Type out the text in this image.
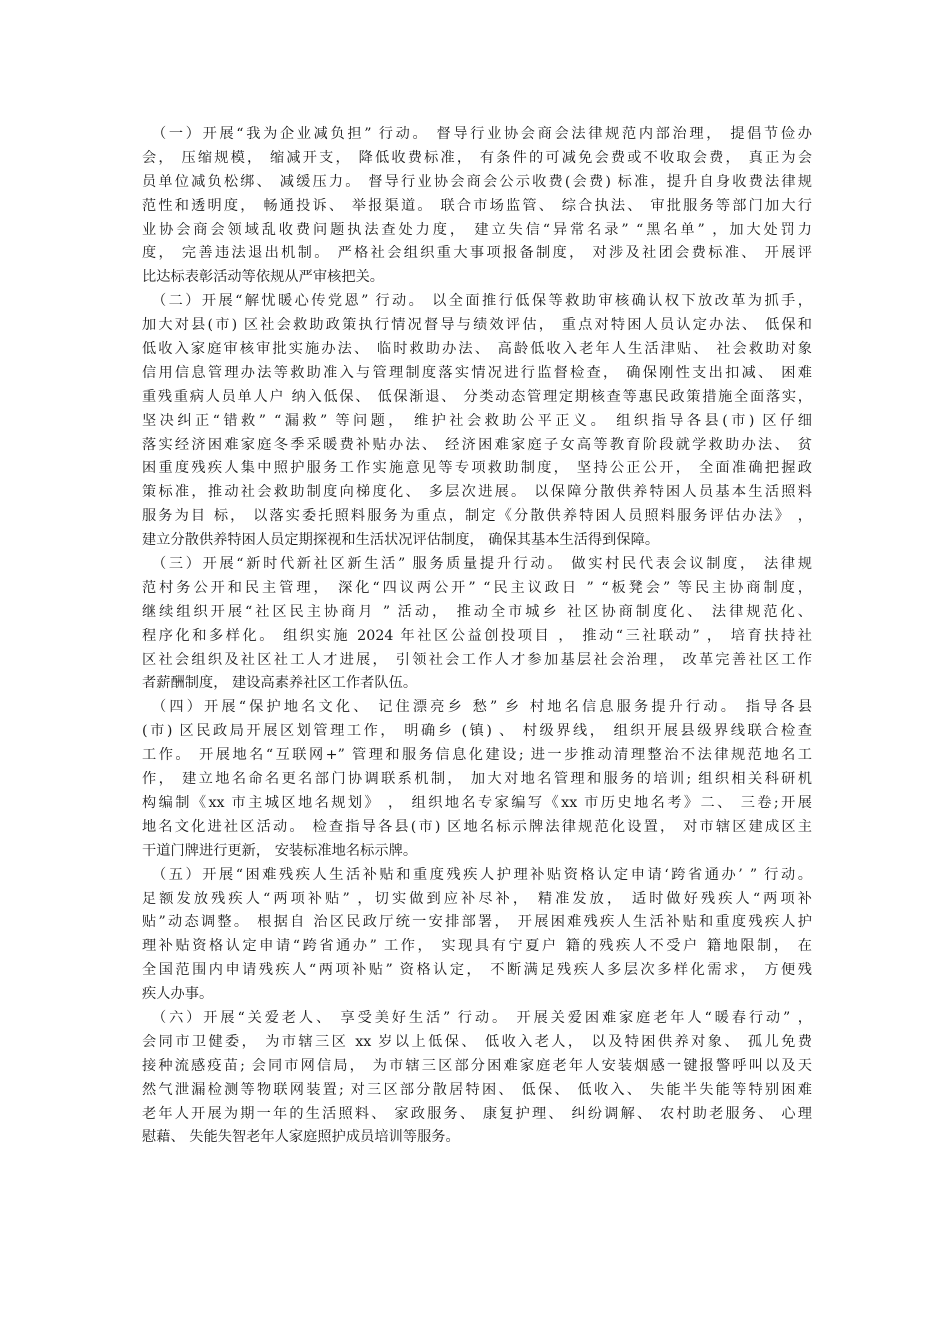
（一）开展“我为企业减负担” 行动。 督导行业协会商会法律规范内部治理， 提倡节俭办
会， 压缩规模， 缩减开支， 降低收费标准， 有条件的可减免会费或不收取会费， 真正为会
员单位减负松绑、 减缓压力。 督导行业协会商会公示收费(会费) 标准，提升自身收费法律规
范性和透明度， 畅通投诉、 举报渠道。 联合市场监管、 综合执法、 审批服务等部门加大行
业协会商会领域乱收费问题执法查处力度， 建立失信“异常名录” “黑名单” ，加大处罚力
度， 完善违法退出机制。 严格社会组织重大事项报备制度， 对涉及社团会费标准、 开展评
比达标表彰活动等依规从严审核把关。
（二）开展“解忧暖心传党恩” 行动。 以全面推行低保等救助审核确认权下放改革为抓手，
加大对县(市) 区社会救助政策执行情况督导与绩效评估， 重点对特困人员认定办法、 低保和
低收入家庭审核审批实施办法、 临时救助办法、 高龄低收入老年人生活津贴、 社会救助对象
信用信息管理办法等救助准入与管理制度落实情况进行监督检查， 确保刚性支出扣减、 困难
重残重病人员单人户 纳入低保、 低保渐退、 分类动态管理定期核查等惠民政策措施全面落实，
坚决纠正“错救” “漏救” 等问题， 维护社会救助公平正义。 组织指导各县(市) 区仔细
落实经济困难家庭冬季采暖费补贴办法、 经济困难家庭子女高等教育阶段就学救助办法、 贫
困重度残疾人集中照护服务工作实施意见等专项救助制度， 坚持公正公开， 全面准确把握政
策标准，推动社会救助制度向梯度化、 多层次进展。 以保障分散供养特困人员基本生活照料
服务为目 标， 以落实委托照料服务为重点，制定《分散供养特困人员照料服务评估办法》 ，
建立分散供养特困人员定期探视和生活状况评估制度， 确保其基本生活得到保障。
（三）开展“新时代新社区新生活” 服务质量提升行动。 做实村民代表会议制度， 法律规
范村务公开和民主管理， 深化“四议两公开” “民主议政日 ” “板凳会” 等民主协商制度，
继续组织开展“社区民主协商月 ” 活动， 推动全市城乡 社区协商制度化、 法律规范化、
程序化和多样化。 组织实施 2024 年社区公益创投项目 ， 推动“三社联动” ， 培育扶持社
区社会组织及社区社工人才进展， 引领社会工作人才参加基层社会治理， 改革完善社区工作
者薪酬制度， 建设高素养社区工作者队伍。
（四）开展“保护地名文化、 记住漂亮乡 愁” 乡 村地名信息服务提升行动。 指导各县
(市) 区民政局开展区划管理工作， 明确乡 (镇) 、 村级界线， 组织开展县级界线联合检查
工作。 开展地名“互联网+” 管理和服务信息化建设; 进一步推动清理整治不法律规范地名工
作， 建立地名命名更名部门协调联系机制， 加大对地名管理和服务的培训; 组织相关科研机
构编制《xx 市主城区地名规划》 ， 组织地名专家编写《xx 市历史地名考》二、 三卷;开展
地名文化进社区活动。 检查指导各县(市) 区地名标示牌法律规范化设置， 对市辖区建成区主
干道门牌进行更新， 安装标准地名标示牌。
（五）开展“困难残疾人生活补贴和重度残疾人护理补贴资格认定申请‘跨省通办’ ” 行动。
足额发放残疾人“两项补贴” ，切实做到应补尽补， 精准发放， 适时做好残疾人“两项补
贴”动态调整。 根据自 治区民政厅统一安排部署， 开展困难残疾人生活补贴和重度残疾人护
理补贴资格认定申请“跨省通办” 工作， 实现具有宁夏户 籍的残疾人不受户 籍地限制， 在
全国范围内申请残疾人“两项补贴” 资格认定， 不断满足残疾人多层次多样化需求， 方便残
疾人办事。
（六）开展“关爱老人、 享受美好生活” 行动。 开展关爱困难家庭老年人“暖春行动” ，
会同市卫健委， 为市辖三区 xx 岁以上低保、 低收入老人， 以及特困供养对象、 孤儿免费
接种流感疫苗; 会同市网信局， 为市辖三区部分困难家庭老年人安装烟感一键报警呼叫以及天
然气泄漏检测等物联网装置; 对三区部分散居特困、 低保、 低收入、 失能半失能等特别困难
老年人开展为期一年的生活照料、 家政服务、 康复护理、 纠纷调解、 农村助老服务、 心理
慰藉、 失能失智老年人家庭照护成员培训等服务。
